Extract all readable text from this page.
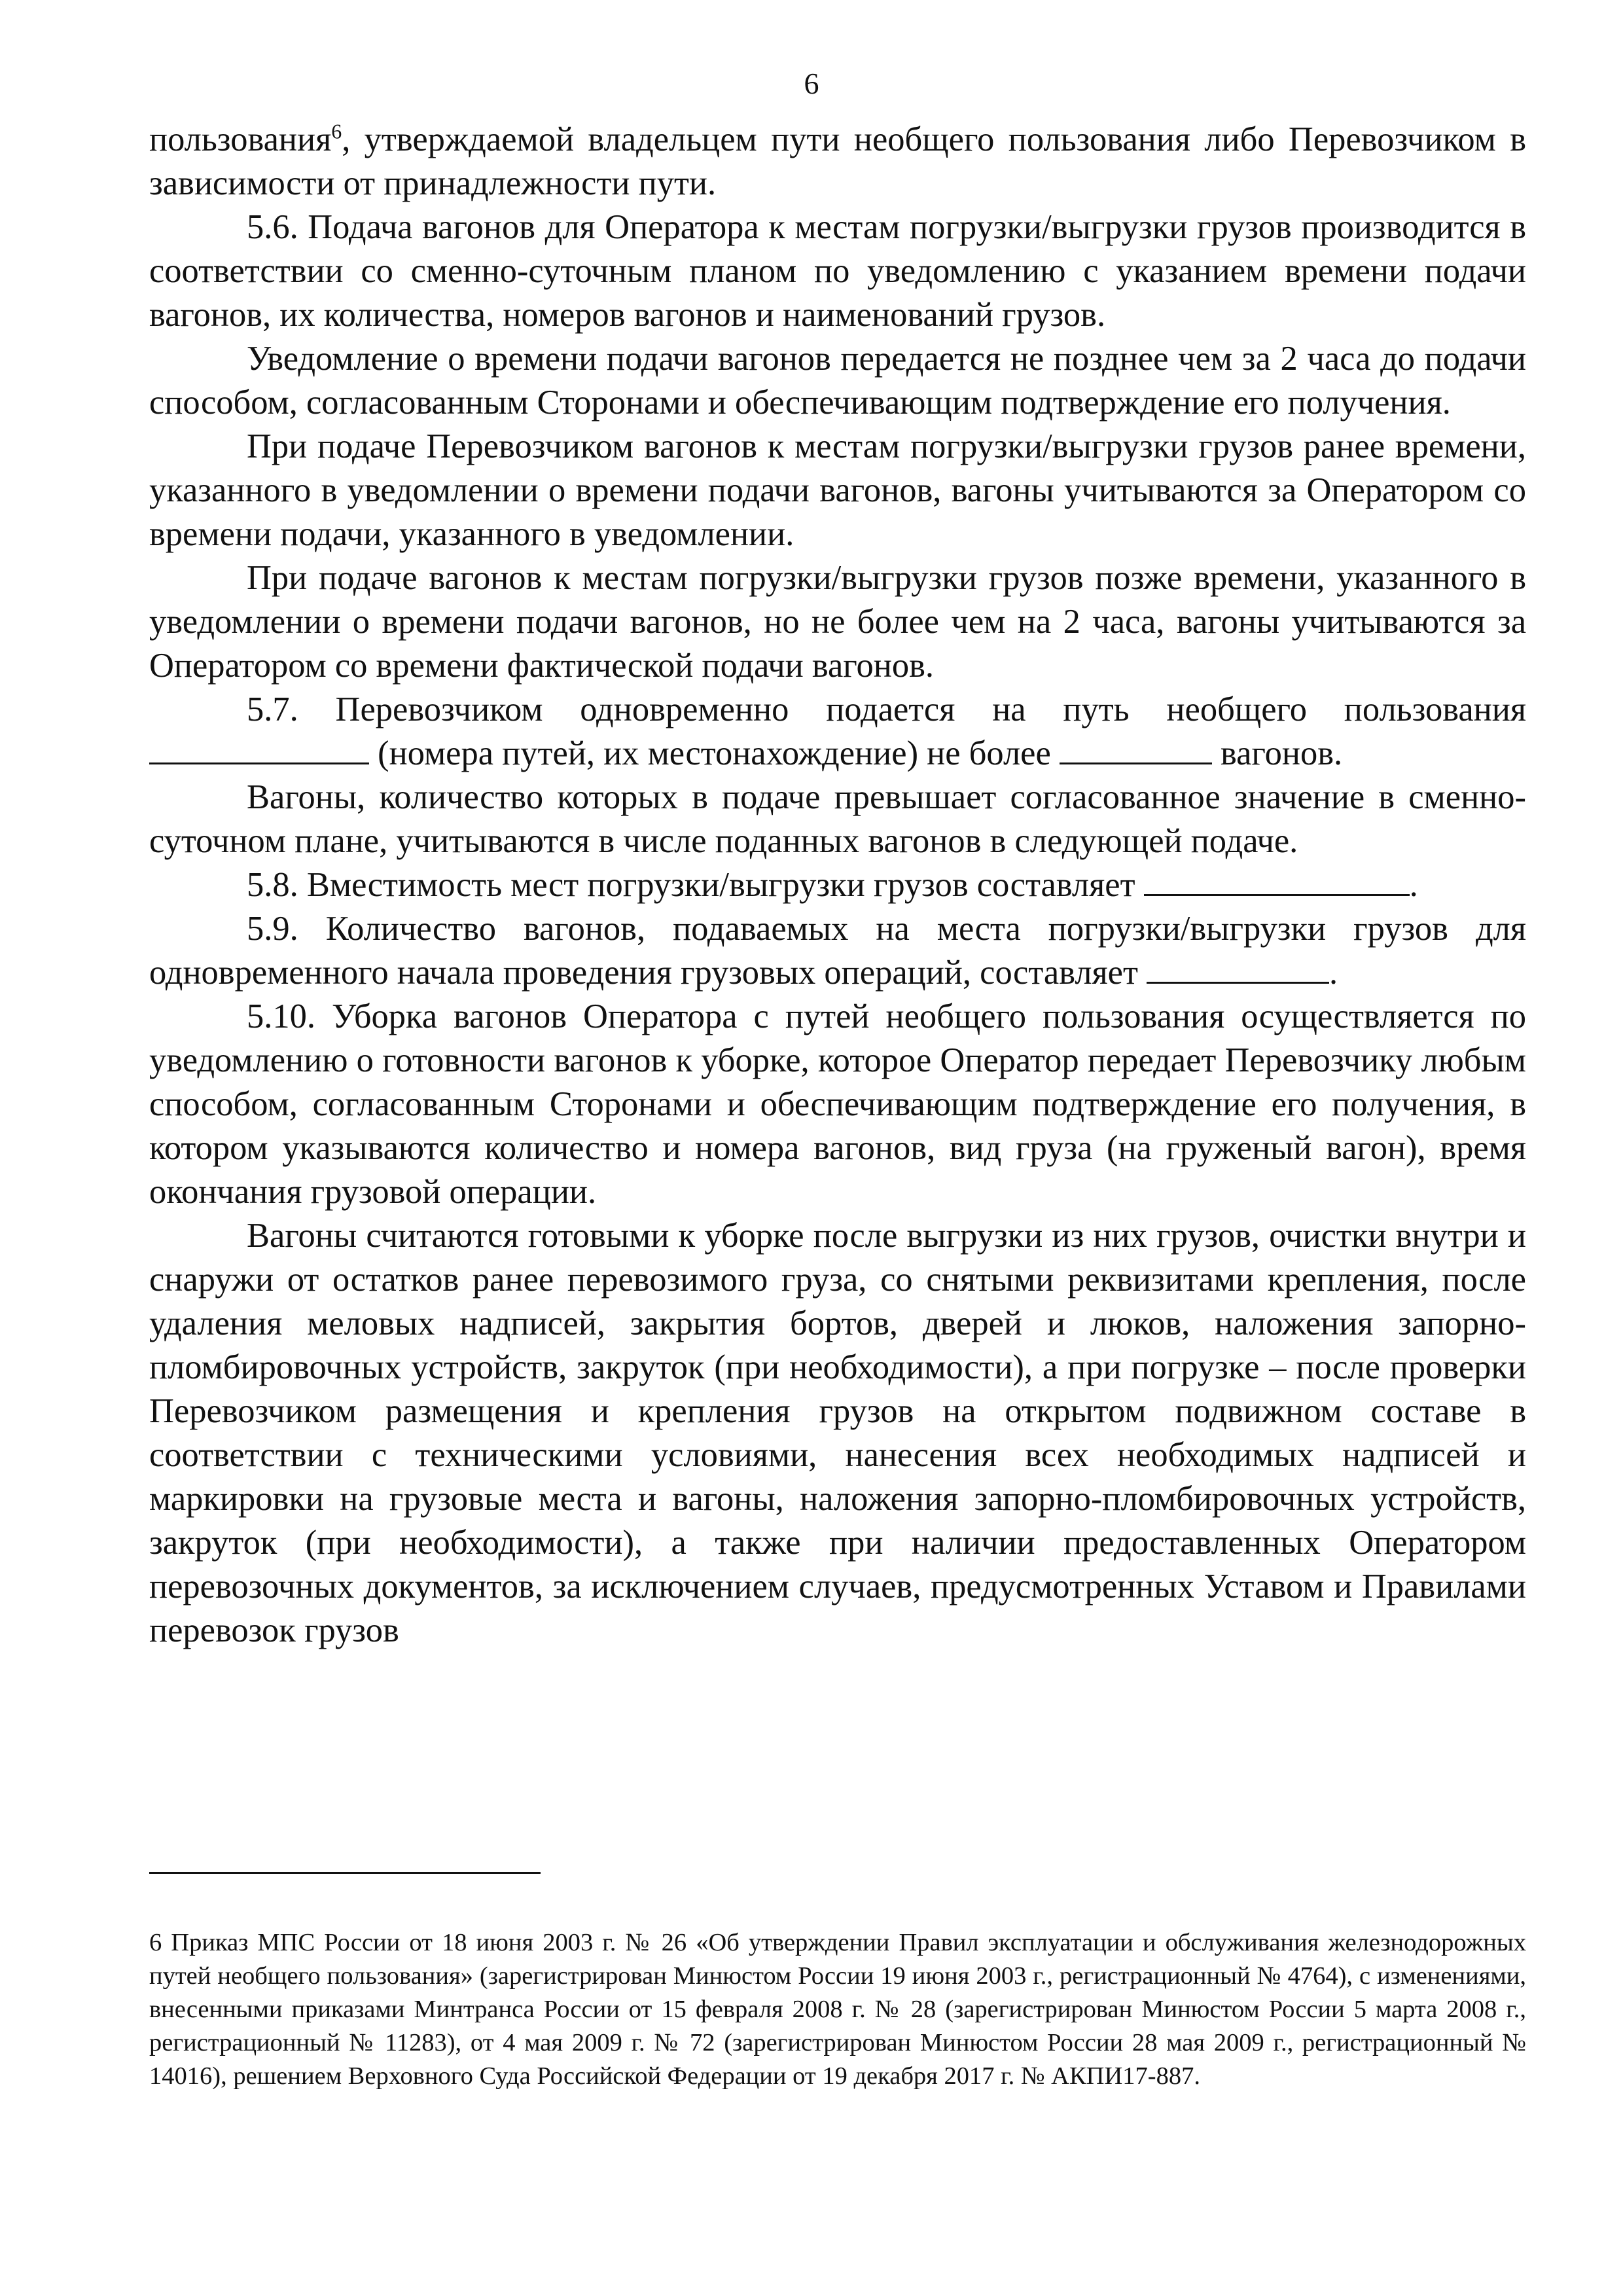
6

пользования$^6$, утверждаемой владельцем пути необщего пользования либо Перевозчиком в зависимости от принадлежности пути.

5.6. Подача вагонов для Оператора к местам погрузки/выгрузки грузов производится в соответствии со сменно-суточным планом по уведомлению с указанием времени подачи вагонов, их количества, номеров вагонов и наименований грузов.

Уведомление о времени подачи вагонов передается не позднее чем за 2 часа до подачи способом, согласованным Сторонами и обеспечивающим подтверждение его получения.

При подаче Перевозчиком вагонов к местам погрузки/выгрузки грузов ранее времени, указанного в уведомлении о времени подачи вагонов, вагоны учитываются за Оператором со времени подачи, указанного в уведомлении.

При подаче вагонов к местам погрузки/выгрузки грузов позже времени, указанного в уведомлении о времени подачи вагонов, но не более чем на 2 часа, вагоны учитываются за Оператором со времени фактической подачи вагонов.

5.7. Перевозчиком одновременно подается на путь необщего пользования  (номера путей, их местонахождение) не более	вагонов.

Вагоны, количество которых в подаче превышает согласованное значение в сменно-суточном плане, учитываются в числе поданных вагонов в следующей подаче.

5.8. Вместимость мест погрузки/выгрузки грузов составляет	.

5.9. Количество вагонов, подаваемых на места погрузки/выгрузки грузов для одновременного начала проведения грузовых операций, составляет	.

5.10. Уборка вагонов Оператора с путей необщего пользования осуществляется по уведомлению о готовности вагонов к уборке, которое Оператор передает Перевозчику любым способом, согласованным Сторонами и обеспечивающим подтверждение его получения, в котором указываются количество и номера вагонов, вид груза (на груженый вагон), время окончания грузовой операции.

Вагоны считаются готовыми к уборке после выгрузки из них грузов, очистки внутри и снаружи от остатков ранее перевозимого груза, со снятыми реквизитами крепления, после удаления меловых надписей, закрытия бортов, дверей и люков, наложения запорно-пломбировочных устройств, закруток (при необходимости), а при погрузке – после проверки Перевозчиком размещения и крепления грузов на открытом подвижном составе в соответствии с техническими условиями, нанесения всех необходимых надписей и маркировки на грузовые места и вагоны, наложения запорно-пломбировочных устройств, закруток (при необходимости), а также при наличии предоставленных Оператором перевозочных документов, за исключением случаев, предусмотренных Уставом и Правилами перевозок грузов

6 Приказ МПС России от 18 июня 2003 г. № 26 «Об утверждении Правил эксплуатации и обслуживания железнодорожных путей необщего пользования» (зарегистрирован Минюстом России 19 июня 2003 г., регистрационный № 4764), с изменениями, внесенными приказами Минтранса России от 15 февраля 2008 г. № 28 (зарегистрирован Минюстом России 5 марта 2008 г., регистрационный № 11283), от 4 мая 2009 г. № 72 (зарегистрирован Минюстом России 28 мая 2009 г., регистрационный № 14016), решением Верховного Суда Российской Федерации от 19 декабря 2017 г. № АКПИ17-887.
